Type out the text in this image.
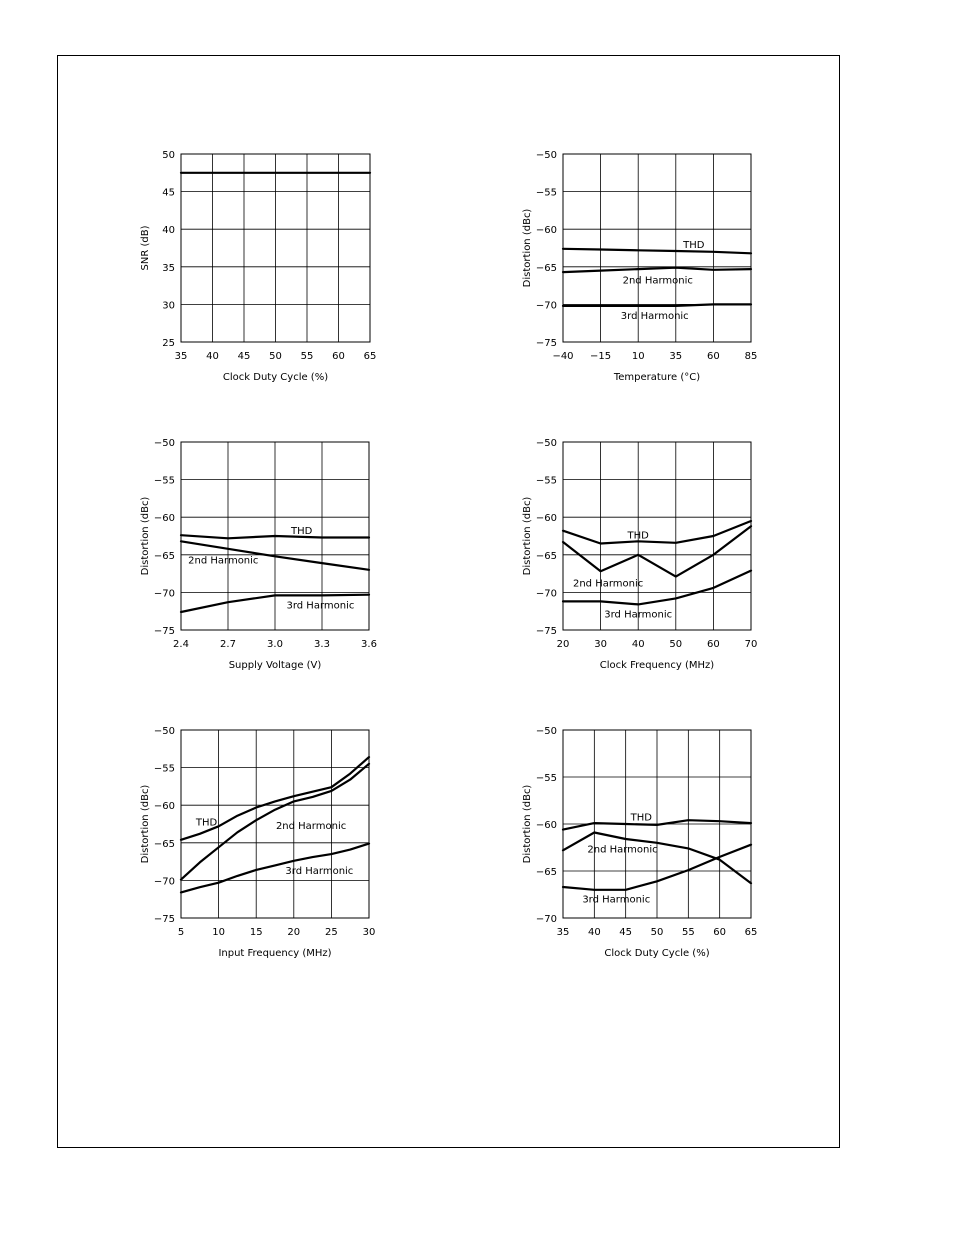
35 40 45 50 55 60 65
25
30
35
40
45
50
Clock Duty Cycle (%)
SNR (dB)
−40 −15 10 35 60 85
−75
−70
−65
−60
−55
−50
Temperature (°C)
Distortion (dBc)	THD
2nd Harmonic
3rd Harmonic
2.4	2.7	3.0	3.3	3.6
−75
−70
−65
−60
−55
−50
Supply Voltage (V)
Distortion (dBc)	THD
2nd Harmonic
3rd Harmonic
20 30 40 50 60 70
−75
−70
−65
−60
−55
−50
Clock Frequency (MHz)
Distortion (dBc)	THD
2nd Harmonic
3rd Harmonic
5	10 15 20 25 30
−75
−70
−65
−60
−55
−50
Input Frequency (MHz)
Distortion (dBc)	THD	2nd Harmonic
3rd Harmonic
35 40 45 50 55 60 65
−70
−65
−60
−55
−50
Clock Duty Cycle (%)
Distortion (dBc)	THD
2nd Harmonic
3rd Harmonic
